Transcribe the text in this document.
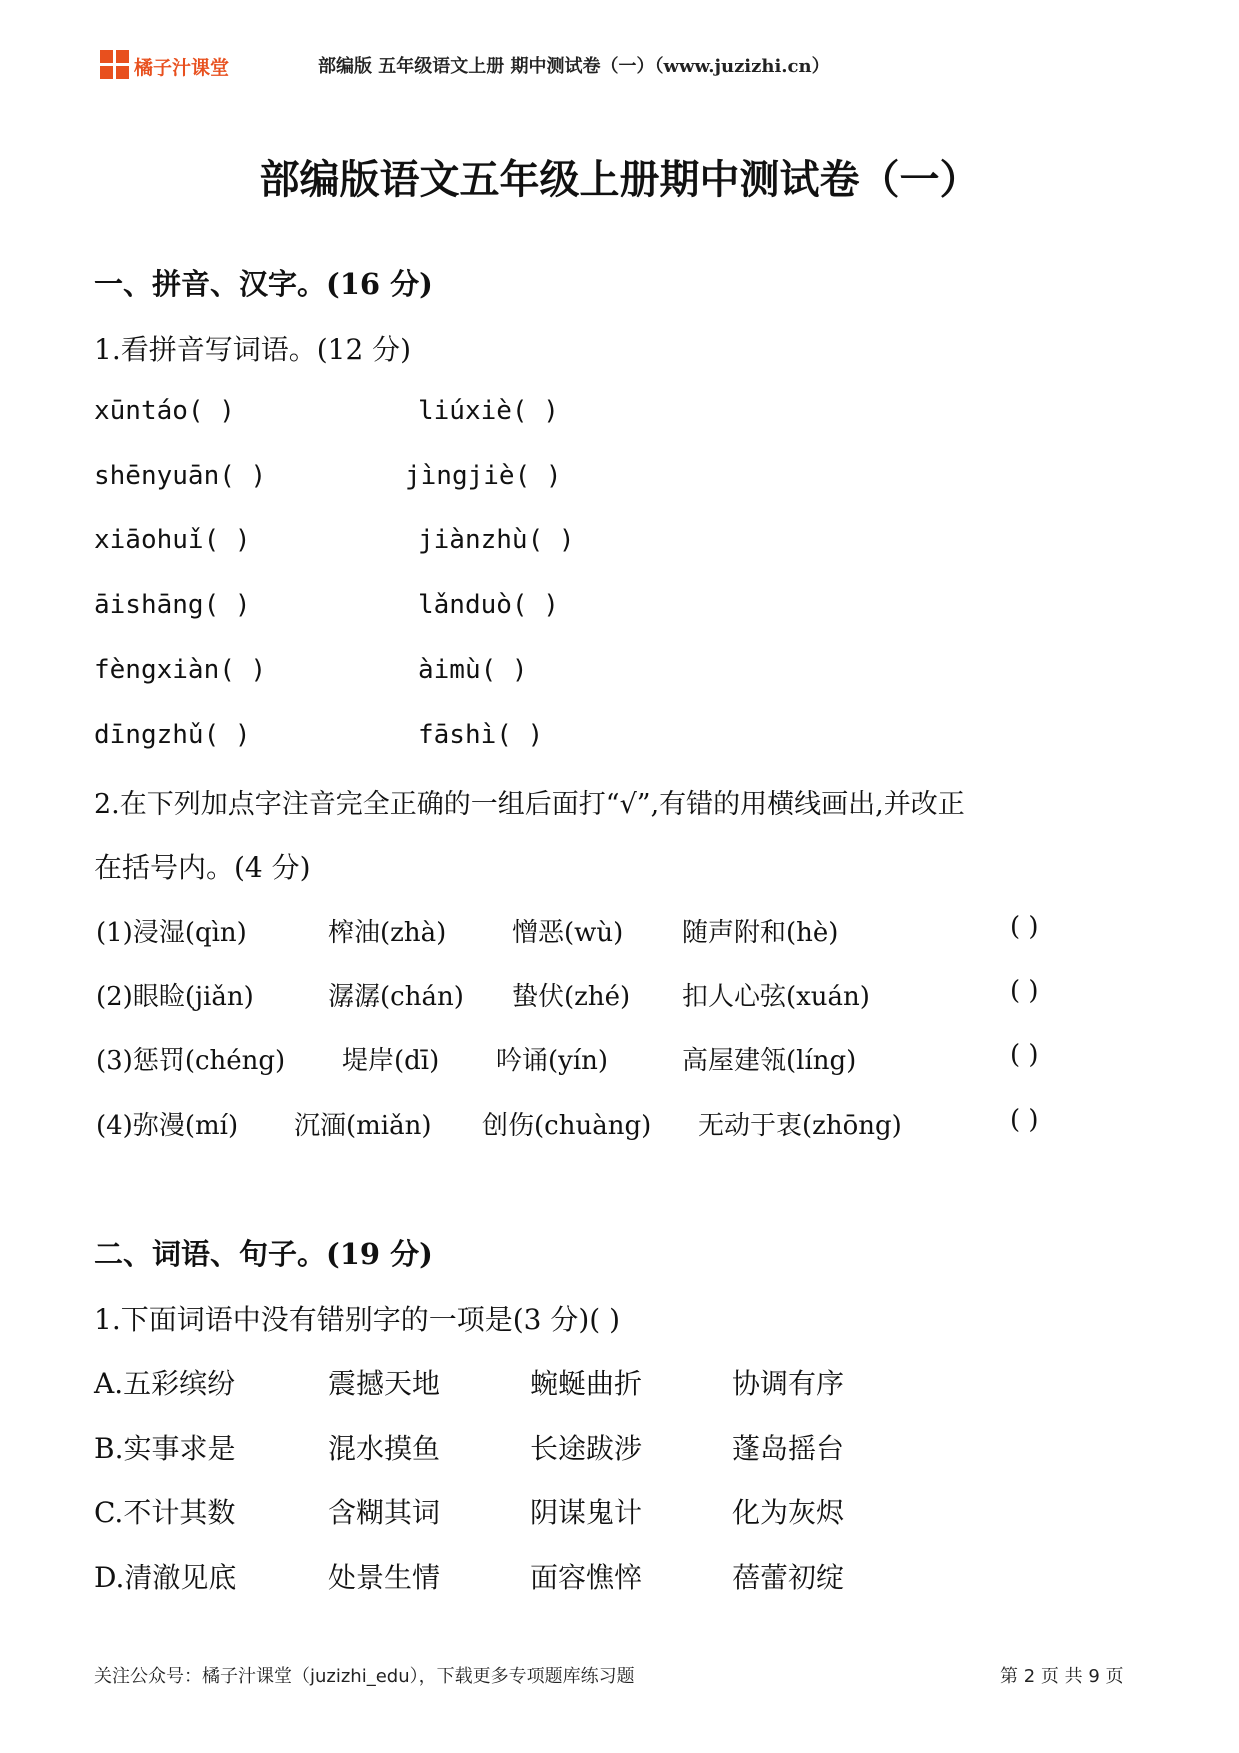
橘子汁课堂	部编版 五年级语文上册 期中测试卷（一）（www.juzizhi.cn）
部编版语文五年级上册期中测试卷（一）
一、拼音、汉字。(16 分)
1.看拼音写词语。(12 分)
xūntáo( )	liúxiè( )
shēnyuān( )	jìngjiè( )
xiāohuǐ( )	jiànzhù( )
āishāng( )	lǎnduò( )
fèngxiàn( )	àimù( )
dīngzhǔ( )	fāshì( )
2.在下列加点字注音完全正确的一组后面打“√”,有错的用横线画出,并改正
在括号内。(4 分)
(1)浸湿(qìn)	榨油(zhà)	憎恶(wù) 随声附和(hè)	( )
(2)眼睑(jiǎn)	潺潺(chán) 蛰伏(zhé) 扣人心弦(xuán)	( )
(3)惩罚(chéng) 堤岸(dī) 吟诵(yín)	高屋建瓴(líng)	( )
(4)弥漫(mí) 沉湎(miǎn) 创伤(chuàng) 无动于衷(zhōng)	( )
二、词语、句子。(19 分)
1.下面词语中没有错别字的一项是(3 分)( )
A.五彩缤纷	震撼天地	蜿蜒曲折	协调有序
B.实事求是	混水摸鱼	长途跋涉	蓬岛摇台
C.不计其数	含糊其词	阴谋鬼计	化为灰烬
D.清澈见底	处景生情	面容憔悴	蓓蕾初绽
关注公众号：橘子汁课堂（juzizhi_edu），下载更多专项题库练习题	第 2 页 共 9 页
